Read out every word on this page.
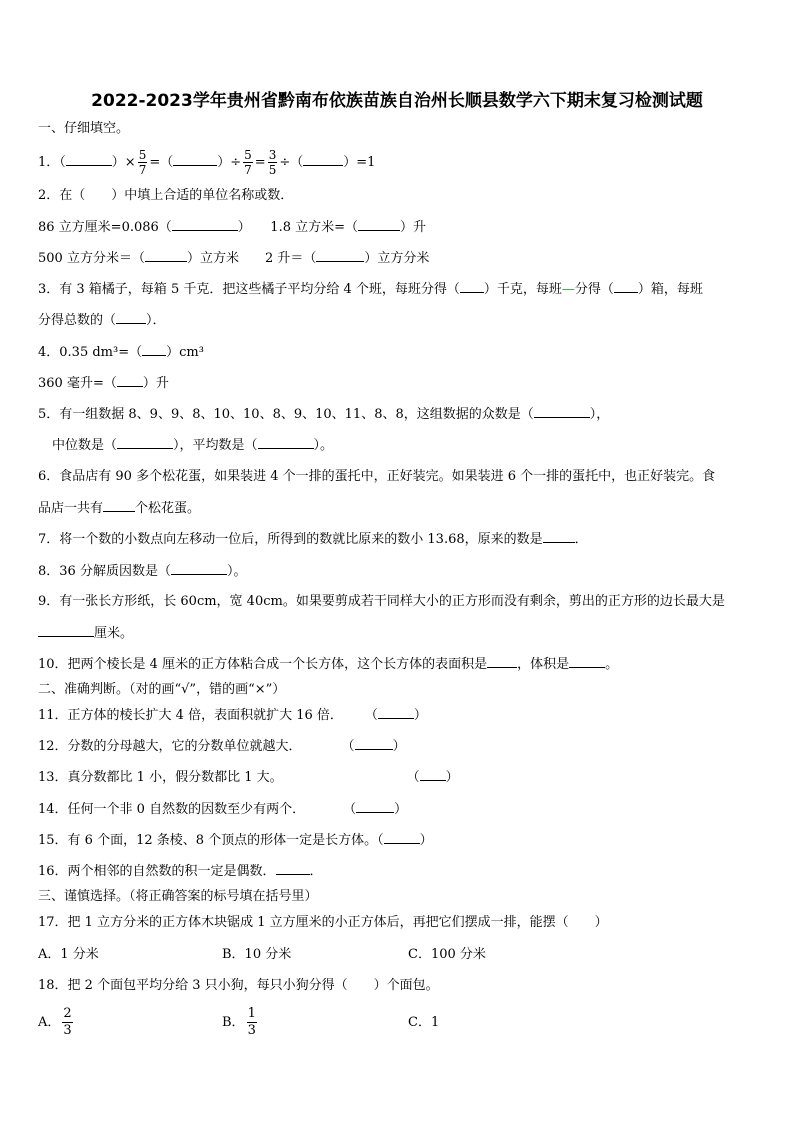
2022-2023学年贵州省黔南布依族苗族自治州长顺县数学六下期末复习检测试题
一、仔细填空。
1．（	）× $\frac{5}{7}$ =（	）÷ $\frac{5}{7} = \frac{3}{5}$ ÷（	）=1
2．在（　　）中填上合适的单位名称或数．
86 立方厘米=0.086（	）　　1.8 立方米=（	）升
500 立方分米＝（	）立方米　　2 升＝（	）立方分米
3．有 3 箱橘子，每箱 5 千克．把这些橘子平均分给 4 个班，每班分得（ ）千克，每班—分得（ ）箱，每班
分得总数的（ ）．
4．0.35 dm³=（ ）cm³
360 毫升=（ ）升
5．有一组数据 8、9、9、8、10、10、8、9、10、11、8、8，这组数据的众数是（	），
中位数是（	），平均数是（	）。
6．食品店有 90 多个松花蛋，如果装进 4 个一排的蛋托中，正好装完。如果装进 6 个一排的蛋托中，也正好装完。食
品店一共有 个松花蛋。
7．将一个数的小数点向左移动一位后，所得到的数就比原来的数小 13.68，原来的数是 ．
8．36 分解质因数是（	）。
9．有一张长方形纸，长 60cm，宽 40cm。如果要剪成若干同样大小的正方形而没有剩余，剪出的正方形的边长最大是
厘米。
10．把两个棱长是 4 厘米的正方体粘合成一个长方体，这个长方体的表面积是 ，体积是	。
二、准确判断。（对的画“√”，错的画“×”）
11．正方体的棱长扩大 4 倍，表面积就扩大 16 倍． （	）
12．分数的分母越大，它的分数单位就越大．	（	）
13．真分数都比 1 小，假分数都比 1 大。	（ ）
14．任何一个非 0 自然数的因数至少有两个．	（	）
15．有 6 个面，12 条棱、8 个顶点的形体一定是长方体。（	）
16．两个相邻的自然数的积一定是偶数．	．
三、谨慎选择。（将正确答案的标号填在括号里）
17．把 1 立方分米的正方体木块锯成 1 立方厘米的小正方体后，再把它们摆成一排，能摆（　　）
A．1 分米	B．10 分米	C．100 分米
18．把 2 个面包平均分给 3 只小狗，每只小狗分得（　　）个面包。
A． $\frac{2}{3}$	B． $\frac{1}{3}$	C．1
